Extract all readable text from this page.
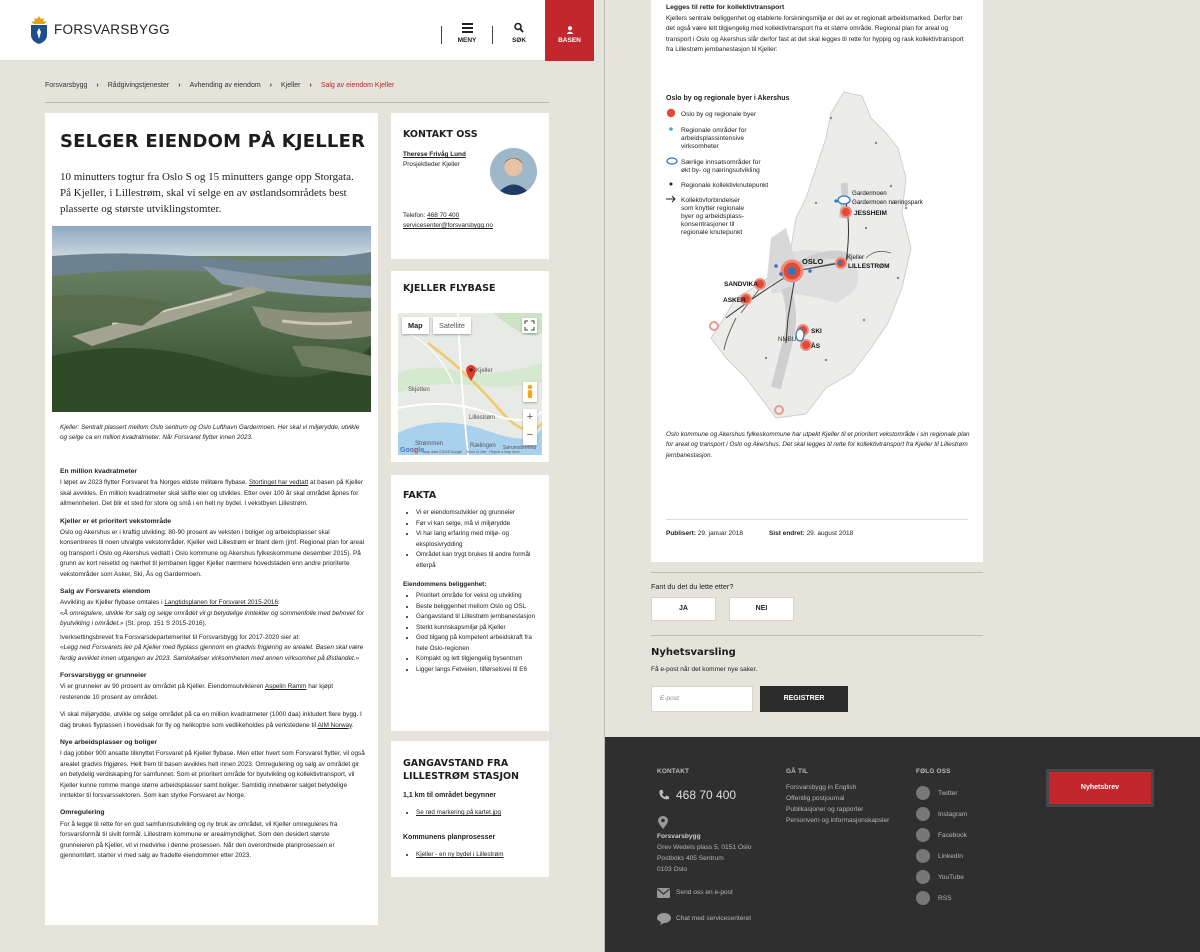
FORSVARSBYGG
MENY	SØK	BASEN
Forsvarsbygg › Rådgivingstjenester › Avhending av eiendom › Kjeller › Salg av eiendom Kjeller
SELGER EIENDOM PÅ KJELLER
10 minutters togtur fra Oslo S og 15 minutters gange opp Storgata. På Kjeller, i Lillestrøm, skal vi selge en av østlandsområdets best plasserte og største utviklingstomter.
Kjeller: Sentralt plassert mellom Oslo sentrum og Oslo Lufthavn Gardermoen. Her skal vi miljørydde, utvikle og selge ca en million kvadratmeter. Når Forsvaret flytter innen 2023.
En million kvadratmeter

I løpet av 2023 flytter Forsvaret fra Norges eldste militære flybase. Stortinget har vedtatt at basen på Kjeller skal avvikles. En million kvadratmeter skal skifte eier og utvikles. Etter over 100 år skal området åpnes for allmennheten. Det blir et sted for store og små i en helt ny bydel. I vekstbyen Lillestrøm.

Kjeller er et prioritert vekstområde

Oslo og Akershus er i kraftig utvikling. 80-90 prosent av veksten i boliger og arbeidsplasser skal konsentreres til noen utvalgte vekstområder. Kjeller ved Lillestrøm er blant dem (jmf. Regional plan for areal og transport i Oslo og Akershus vedtatt i Oslo kommune og Akershus fylkeskommune desember 2015). På grunn av kort reisetid og nærhet til jernbanen ligger Kjeller nærmere hovedstaden enn andre prioriterte vekstområder som Asker, Ski, Ås og Gardermoen.

Salg av Forsvarets eiendom

Avvikling av Kjeller flybase omtales i Langtidsplanen for Forsvaret 2015-2016:
«Å omregulere, utvikle for salg og selge området vil gi betydelige inntekter og sommenfolle med behovet for byutvikling i området.» (St. prop. 151 S 2015-2016).

Iverksettingsbrevet fra Forsvarsdepartementet til Forsvarsbygg for 2017-2020 sier at:
«Legg ned Forsvarets leir på Kjeller med flyplass gjennom en gradvis frigjøring av arealet. Basen skal være ferdig avviklet innen utgangen av 2023. Samlokaliser virksomheten med annen virksomhet på Østlandet.»

Forsvarsbygg er grunneier

Vi er grunneier av 90 prosent av området på Kjeller. Eiendomsutvikleren Aspelin Ramm har kjøpt resterende 10 prosent av området.

Vi skal miljørydde, utvikle og selge området på ca en million kvadratmeter (1000 daa) inkludert flere bygg. I dag brukes flyplassen i hovedsak for fly og helikoptre som vedlikeholdes på verkstedene til AIM Norway.

Nye arbeidsplasser og boliger

I dag jobber 900 ansatte tilknyttet Forsvaret på Kjeller flybase. Men etter hvert som Forsvaret flytter, vil også arealet gradvis frigjøres. Helt frem til basen avvikles helt innen 2023. Omregulering og salg av området gir en betydelig verdiskaping for samfunnet. Som et prioritert område for byutvikling og kollektivtransport, vil Kjeller kunne romme mange større arbeidsplasser samt boliger. Samtidig innebærer salget betydelige inntekter til forsvarssektoren. Som kan styrke Forsvaret av Norge.

Omregulering

For å legge til rette for en god samfunnsutvikling og ny bruk av området, vil Kjeller omreguleres fra forsvarsformål til sivilt formål. Lillestrøm kommune er arealmyndighet. Som den desidert største grunneieren på Kjeller, vil vi medvirke i denne prosessen. Når den overordnede planprosessen er gjennomført, starter vi med salg av fradelte eiendommer etter 2023.

KONTAKT OSS
Therese Frivåg Lund
Prosjektleder Kjeller
Telefon: 468 70 400
servicesenter@forsvarsbygg.no
KJELLER FLYBASE
Map	Satellite
Kjeller
Skjetten
Lillestrøm
Strømmen	Rælingen Sørumsbrenna
+
−
Google
Map data ©2018 Google Terms of Use Report a map error
FAKTA
• Vi er eiendomsutvikler og grunneier
• Før vi kan selge, må vi miljørydde
• Vi har lang erfaring med miljø- og eksplosivrydding
• Området kan trygt brukes til andre formål etterpå
Eiendommens beliggenhet:
• Prioritert område for vekst og utvikling
• Beste beliggenhet mellom Oslo og OSL
• Gangavstand til Lillestrøm jernbanestasjon
• Sterkt kunnskapsmiljø på Kjeller
• God tilgang på kompetent arbeidskraft fra hele Oslo-regionen
• Kompakt og lett tilgjengelig bysentrum
• Ligger langs Fetveien, tilførselsvei til E6
GANGAVSTAND FRA LILLESTRØM STASJON
1,1 km til området begynner
• Se rød markering på kartet.jpg
Kommunens planprosesser
• Kjeller - en ny bydel i Lillestrøm
Legges til rette for kollektivtransport
Kjellers sentrale beliggenhet og etablerte forskningsmiljø er del av et regionalt arbeidsmarked. Derfor bør det også være lett tilgjengelig med kollektivtransport fra et større område. Regional plan for areal og transport i Oslo og Akershus slår derfor fast at det skal legges til rette for hyppig og rask kollektivtransport fra Lillestrøm jernbanestasjon til Kjeller:
Oslo by og regionale byer i Akershus
Oslo by og regionale byer
Regionale områder for
arbeidsplassintensive
virksomheter
Særlige innsatsområder for
økt by- og næringsutvikling
Regionale kollektivknutepunkt
Kollektivforbindelser
som knytter regionale
byer og arbeidsplass-
konsentrasjoner til
regionale knutepunkt
OSLO	Kjeller
LILLESTRØM
Gardermoen
Gardermoen næringspark
JESSHEIM
SANDVIKA
ASKER
SKI
ÅS
NMBU
Oslo kommune og Akershus fylkeskommune har utpekt Kjeller til et prioritert vekstområde i sin regionale plan for areal og transport i Oslo og Akershus. Det skal legges til rette for kollektivtransport fra Kjeller til Lillestrøm jernbanestasjon.
Publisert: 29. januar 2018	Sist endret: 29. august 2018
Fant du det du lette etter?
JA	NEI
Nyhetsvarsling
Få e-post når det kommer nye saker.
E-post	REGISTRER
KONTAKT
468 70 400
Forsvarsbygg
Grev Wedels plass 5, 0151 Oslo
Postboks 405 Sentrum
0103 Oslo
Send oss en e-post
Chat med servicesenteret
GÅ TIL
Forsvarsbygg in English
Offentlig postjournal
Publikasjoner og rapporter
Personvern og informasjonskapsler
FØLG OSS
Twitter
Instagram
Facebook
LinkedIn
YouTube
RSS
Nyhetsbrev
